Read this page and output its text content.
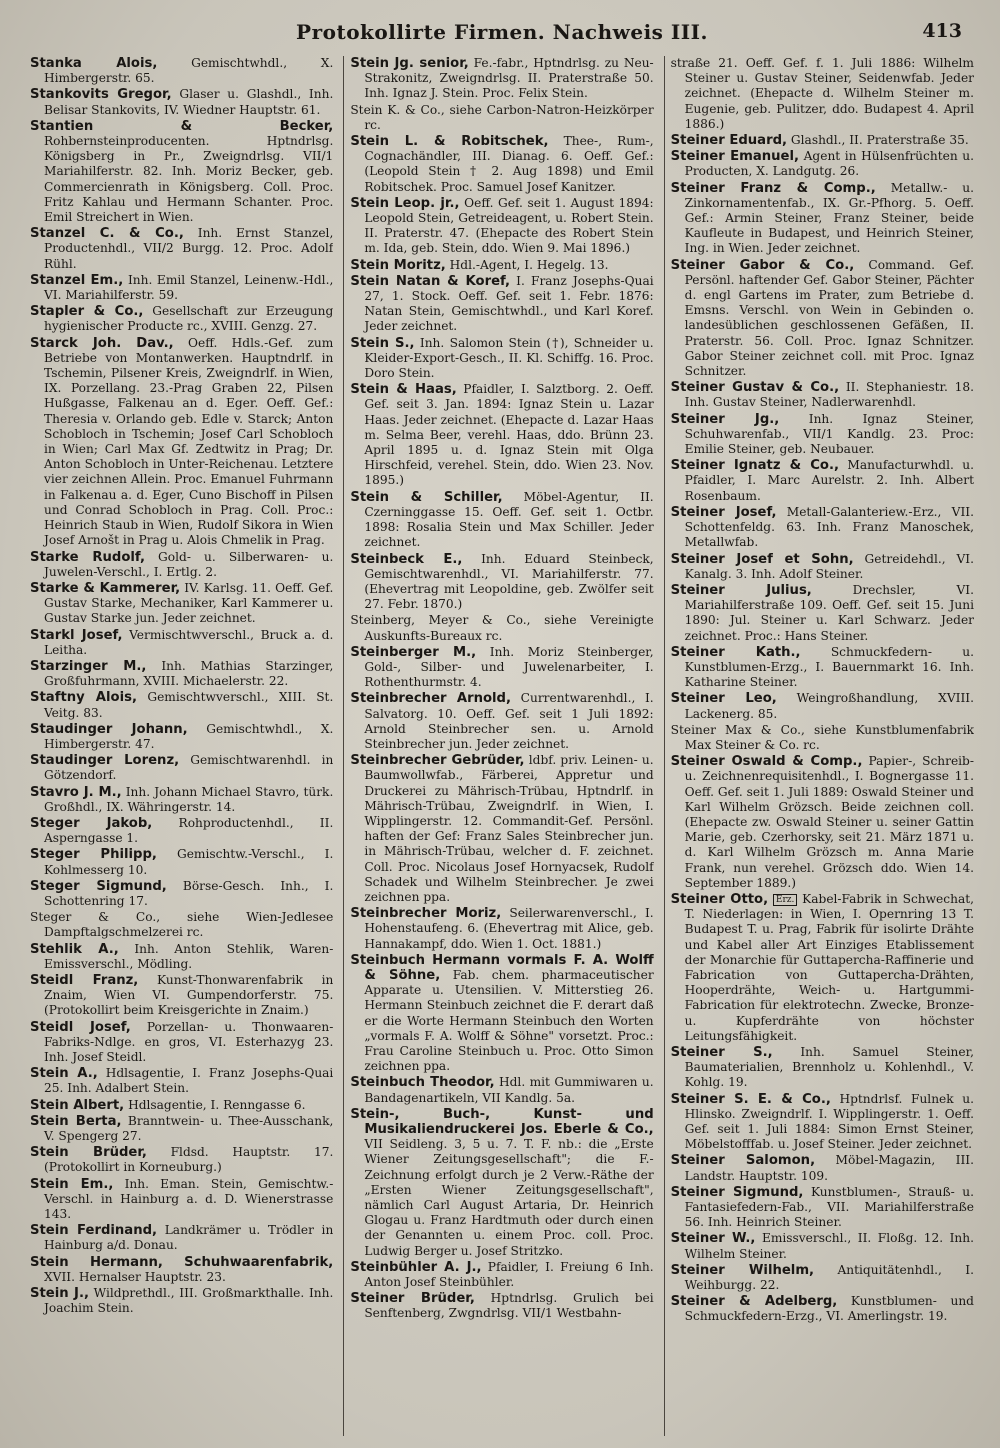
Protokollirte Firmen. Nachweis III.	413
Stanka Alois,	Gemischtwhdl., X. Himbergerstr. 65.
Stankovits Gregor, Glaser u. Glashdl., Inh. Belisar Stankovits, IV. Wiedner Hauptstr. 61.
Stantien & Becker, Rohbernsteinproducenten. Hptndrlsg. Königsberg in Pr., Zweigndrlsg. VII/1 Mariahilferstr. 82. Inh. Moriz Becker, geb. Commercienrath in Königsberg. Coll. Proc. Fritz Kahlau und Hermann Schanter. Proc. Emil Streichert in Wien.
Stanzel C. & Co., Inh. Ernst Stanzel, Productenhdl., VII/2 Burgg. 12. Proc. Adolf Rühl.
Stanzel Em., Inh. Emil Stanzel, Leinenw.-Hdl., VI. Mariahilferstr. 59.
Stapler & Co., Gesellschaft zur Erzeugung hygienischer Producte rc., XVIII. Genzg. 27.
Starck Joh. Dav., Oeff. Hdls.-Gef. zum Betriebe von Montanwerken. Hauptndrlf. in Tschemin, Pilsener Kreis, Zweigndrlf. in Wien, IX. Porzellang. 23.-Prag Graben 22, Pilsen Hußgasse, Falkenau an d. Eger. Oeff. Gef.: Theresia v. Orlando geb. Edle v. Starck; Anton Schobloch in Tschemin; Josef Carl Schobloch in Wien; Carl Max Gf. Zedtwitz in Prag; Dr. Anton Schobloch in Unter-Reichenau. Letztere vier zeichnen Allein. Proc. Emanuel Fuhrmann in Falkenau a. d. Eger, Cuno Bischoff in Pilsen und Conrad Schobloch in Prag. Coll. Proc.: Heinrich Staub in Wien, Rudolf Sikora in Wien Josef Arnošt in Prag u. Alois Chmelik in Prag.
Starke Rudolf, Gold- u. Silberwaren- u. Juwelen-Verschl., I. Ertlg. 2.
Starke & Kammerer, IV. Karlsg. 11. Oeff. Gef. Gustav Starke, Mechaniker, Karl Kammerer u. Gustav Starke jun. Jeder zeichnet.
Starkl Josef, Vermischtwverschl., Bruck a. d. Leitha.
Starzinger M., Inh. Mathias Starzinger, Großfuhrmann, XVIII. Michaelerstr. 22.
Staftny Alois, Gemischtwverschl., XIII. St. Veitg. 83.
Staudinger Johann, Gemischtwhdl., X. Himbergerstr. 47.
Staudinger Lorenz, Gemischtwarenhdl. in Götzendorf.
Stavro J. M., Inh. Johann Michael Stavro, türk. Großhdl., IX. Währingerstr. 14.
Steger Jakob, Rohproductenhdl., II. Asperngasse 1.
Steger Philipp, Gemischtw.-Verschl., I. Kohlmesserg 10.
Steger Sigmund, Börse-Gesch. Inh., I. Schottenring 17.
Steger & Co., siehe Wien-Jedlesee Dampftalgschmelzerei rc.
Stehlik A., Inh. Anton Stehlik, Waren-Emissverschl., Mödling.
Steidl Franz, Kunst-Thonwarenfabrik in Znaim, Wien VI. Gumpendorferstr. 75. (Protokollirt beim Kreisgerichte in Znaim.)
Steidl Josef, Porzellan- u. Thonwaaren-Fabriks-Ndlge. en gros, VI. Esterhazyg 23. Inh. Josef Steidl.
Stein A., Hdlsagentie, I. Franz Josephs-Quai 25. Inh. Adalbert Stein.
Stein Albert, Hdlsagentie, I. Renngasse 6.
Stein Berta, Branntwein- u. Thee-Ausschank, V. Spengerg 27.
Stein Brüder, Fldsd. Hauptstr. 17. (Protokollirt in Korneuburg.)
Stein Em., Inh. Eman. Stein, Gemischtw.-Verschl. in Hainburg a. d. D. Wienerstrasse 143.
Stein Ferdinand, Landkrämer u. Trödler in Hainburg a/d. Donau.
Stein Hermann, Schuhwaarenfabrik, XVII. Hernalser Hauptstr. 23.
Stein J., Wildprethdl., III. Großmarkthalle. Inh. Joachim Stein.
Stein Jg. senior, Fe.-fabr., Hptndrlsg. zu Neu-Strakonitz, Zweigndrlsg. II. Praterstraße 50. Inh. Ignaz J. Stein. Proc. Felix Stein.
Stein K. & Co., siehe Carbon-Natron-Heizkörper rc.
Stein L. & Robitschek, Thee-, Rum-, Cognachändler, III. Dianag. 6. Oeff. Gef.: (Leopold Stein † 2. Aug 1898) und Emil Robitschek. Proc. Samuel Josef Kanitzer.
Stein Leop. jr., Oeff. Gef. seit 1. August 1894: Leopold Stein, Getreideagent, u. Robert Stein. II. Praterstr. 47. (Ehepacte des Robert Stein m. Ida, geb. Stein, ddo. Wien 9. Mai 1896.)
Stein Moritz, Hdl.-Agent, I. Hegelg. 13.
Stein Natan & Koref, I. Franz Josephs-Quai 27, 1. Stock. Oeff. Gef. seit 1. Febr. 1876: Natan Stein, Gemischtwhdl., und Karl Koref. Jeder zeichnet.
Stein S., Inh. Salomon Stein (†), Schneider u. Kleider-Export-Gesch., II. Kl. Schiffg. 16. Proc. Doro Stein.
Stein & Haas, Pfaidler, I. Salztborg. 2. Oeff. Gef. seit 3. Jan. 1894: Ignaz Stein u. Lazar Haas. Jeder zeichnet. (Ehepacte d. Lazar Haas m. Selma Beer, verehl. Haas, ddo. Brünn 23. April 1895 u. d. Ignaz Stein mit Olga Hirschfeid, verehel. Stein, ddo. Wien 23. Nov. 1895.)
Stein & Schiller, Möbel-Agentur, II. Czerninggasse 15. Oeff. Gef. seit 1. Octbr. 1898: Rosalia Stein und Max Schiller. Jeder zeichnet.
Steinbeck E., Inh. Eduard Steinbeck, Gemischtwarenhdl., VI. Mariahilferstr. 77. (Ehevertrag mit Leopoldine, geb. Zwölfer seit 27. Febr. 1870.)
Steinberg, Meyer & Co., siehe Vereinigte Auskunfts-Bureaux rc.
Steinberger M., Inh. Moriz Steinberger, Gold-, Silber- und Juwelenarbeiter, I. Rothenthurmstr. 4.
Steinbrecher Arnold, Currentwarenhdl., I. Salvatorg. 10. Oeff. Gef. seit 1 Juli 1892: Arnold Steinbrecher sen. u. Arnold Steinbrecher jun. Jeder zeichnet.
Steinbrecher Gebrüder, ldbf. priv. Leinen- u. Baumwollwfab., Färberei, Appretur und Druckerei zu Mährisch-Trübau, Hptndrlf. in Mährisch-Trübau, Zweigndrlf. in Wien, I. Wipplingerstr. 12. Commandit-Gef. Persönl. haften der Gef: Franz Sales Steinbrecher jun. in Mährisch-Trübau, welcher d. F. zeichnet. Coll. Proc. Nicolaus Josef Hornyacsek, Rudolf Schadek und Wilhelm Steinbrecher. Je zwei zeichnen ppa.
Steinbrecher Moriz, Seilerwarenverschl., I. Hohenstaufeng. 6. (Ehevertrag mit Alice, geb. Hannakampf, ddo. Wien 1. Oct. 1881.)
Steinbuch Hermann vormals F. A. Wolff & Söhne, Fab. chem. pharmaceutischer Apparate u. Utensilien. V. Mitterstieg 26. Hermann Steinbuch zeichnet die F. derart daß er die Worte Hermann Steinbuch den Worten „vormals F. A. Wolff & Söhne" vorsetzt. Proc.: Frau Caroline Steinbuch u. Proc. Otto Simon zeichnen ppa.
Steinbuch Theodor, Hdl. mit Gummiwaren u. Bandagenartikeln, VII Kandlg. 5a.
Stein-, Buch-, Kunst- und Musikaliendruckerei Jos. Eberle & Co., VII Seidleng. 3, 5 u. 7. T. F. nb.: die „Erste Wiener Zeitungsgesellschaft"; die F.-Zeichnung erfolgt durch je 2 Verw.-Räthe der „Ersten Wiener Zeitungsgesellschaft", nämlich Carl August Artaria, Dr. Heinrich Glogau u. Franz Hardtmuth oder durch einen der Genannten u. einem Proc. coll. Proc. Ludwig Berger u. Josef Stritzko.
Steinbühler A. J., Pfaidler, I. Freiung 6 Inh. Anton Josef Steinbühler.
Steiner Brüder, Hptndrlsg. Grulich bei Senftenberg, Zwgndrlsg. VII/1 Westbahn-
straße 21. Oeff. Gef. f. 1. Juli 1886: Wilhelm Steiner u. Gustav Steiner, Seidenwfab. Jeder zeichnet. (Ehepacte d. Wilhelm Steiner m. Eugenie, geb. Pulitzer, ddo. Budapest 4. April 1886.)
Steiner Eduard, Glashdl., II. Praterstraße 35.
Steiner Emanuel, Agent in Hülsenfrüchten u. Producten, X. Landgutg. 26.
Steiner Franz & Comp., Metallw.- u. Zinkornamentenfab., IX. Gr.-Pfhorg. 5. Oeff. Gef.: Armin Steiner, Franz Steiner, beide Kaufleute in Budapest, und Heinrich Steiner, Ing. in Wien. Jeder zeichnet.
Steiner Gabor & Co., Command. Gef. Persönl. haftender Gef. Gabor Steiner, Pächter d. engl Gartens im Prater, zum Betriebe d. Emsns. Verschl. von Wein in Gebinden o. landesüblichen geschlossenen Gefäßen, II. Praterstr. 56. Coll. Proc. Ignaz Schnitzer. Gabor Steiner zeichnet coll. mit Proc. Ignaz Schnitzer.
Steiner Gustav & Co., II. Stephaniestr. 18. Inh. Gustav Steiner, Nadlerwarenhdl.
Steiner Jg., Inh. Ignaz Steiner, Schuhwarenfab., VII/1 Kandlg. 23. Proc: Emilie Steiner, geb. Neubauer.
Steiner Ignatz & Co., Manufacturwhdl. u. Pfaidler, I. Marc Aurelstr. 2. Inh. Albert Rosenbaum.
Steiner Josef, Metall-Galanteriew.-Erz., VII. Schottenfeldg. 63. Inh. Franz Manoschek, Metallwfab.
Steiner Josef et Sohn, Getreidehdl., VI. Kanalg. 3. Inh. Adolf Steiner.
Steiner Julius,	Drechsler, VI. Mariahilferstraße 109. Oeff. Gef. seit 15. Juni 1890: Jul. Steiner u. Karl Schwarz. Jeder zeichnet. Proc.: Hans Steiner.
Steiner Kath., Schmuckfedern- u. Kunstblumen-Erzg., I. Bauernmarkt 16. Inh. Katharine Steiner.
Steiner Leo, Weingroßhandlung, XVIII. Lackenerg. 85.
Steiner Max & Co., siehe Kunstblumenfabrik Max Steiner & Co. rc.
Steiner Oswald & Comp., Papier-, Schreib- u. Zeichnenrequisitenhdl., I. Bognergasse 11. Oeff. Gef. seit 1. Juli 1889: Oswald Steiner und Karl Wilhelm Grözsch. Beide zeichnen coll. (Ehepacte zw. Oswald Steiner u. seiner Gattin Marie, geb. Czerhorsky, seit 21. März 1871 u. d. Karl Wilhelm Grözsch m. Anna Marie Frank, nun verehel. Grözsch ddo. Wien 14. September 1889.)
Steiner Otto, Erz. Kabel-Fabrik in Schwechat, T. Niederlagen: in Wien, I. Opernring 13 T. Budapest T. u. Prag, Fabrik für isolirte Drähte und Kabel aller Art Einziges Etablissement der Monarchie für Guttapercha-Raffinerie und Fabrication von Guttapercha-Drähten, Hooperdrähte, Weich- u. Hartgummi-Fabrication für elektrotechn. Zwecke, Bronze- u. Kupferdrähte von höchster Leitungsfähigkeit.
Steiner S., Inh. Samuel Steiner, Baumaterialien, Brennholz u. Kohlenhdl., V. Kohlg. 19.
Steiner S. E. & Co., Hptndrlsf. Fulnek u. Hlinsko. Zweigndrlf. I. Wipplingerstr. 1. Oeff. Gef. seit 1. Juli 1884: Simon Ernst Steiner, Möbelstofffab. u. Josef Steiner. Jeder zeichnet.
Steiner Salomon, Möbel-Magazin, III. Landstr. Hauptstr. 109.
Steiner Sigmund, Kunstblumen-, Strauß- u. Fantasiefedern-Fab., VII. Mariahilferstraße 56. Inh. Heinrich Steiner.
Steiner W., Emissverschl., II. Floßg. 12. Inh. Wilhelm Steiner.
Steiner Wilhelm, Antiquitätenhdl., I. Weihburgg. 22.
Steiner & Adelberg, Kunstblumen- und Schmuckfedern-Erzg., VI. Amerlingstr. 19.
